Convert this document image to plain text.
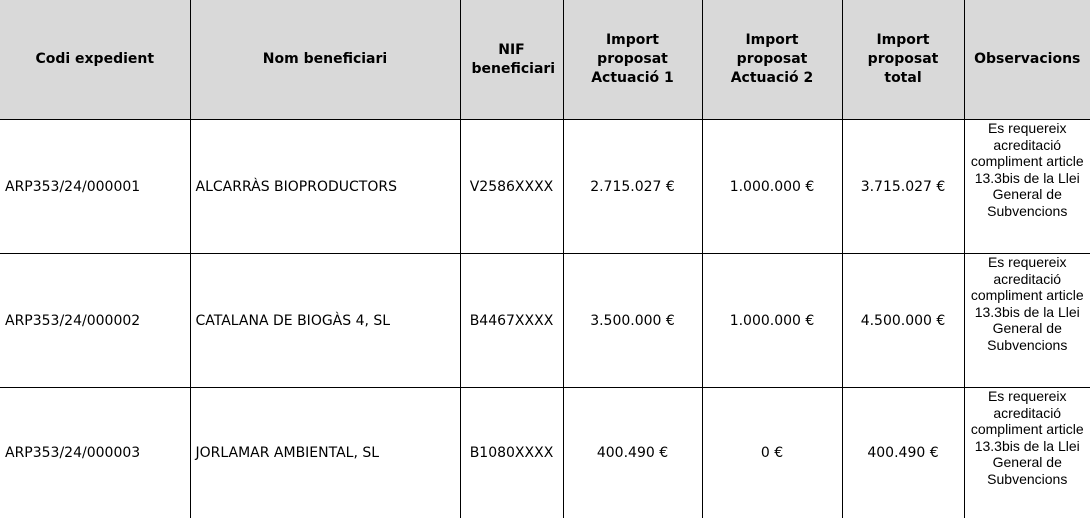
Codi expedient	Nom beneficiari	NIF beneficiari	Import proposat Actuació 1	Import proposat Actuació 2	Import proposat total	Observacions
ARP353/24/000001	ALCARRÀS BIOPRODUCTORS	V2586XXXX	2.715.027 €	1.000.000 €	3.715.027 €	Es requereix acreditació compliment article 13.3bis de la Llei General de Subvencions
ARP353/24/000002	CATALANA DE BIOGÀS 4, SL	B4467XXXX	3.500.000 €	1.000.000 €	4.500.000 €	Es requereix acreditació compliment article 13.3bis de la Llei General de Subvencions
ARP353/24/000003	JORLAMAR AMBIENTAL, SL	B1080XXXX	400.490 €	0 €	400.490 €	Es requereix acreditació compliment article 13.3bis de la Llei General de Subvencions
